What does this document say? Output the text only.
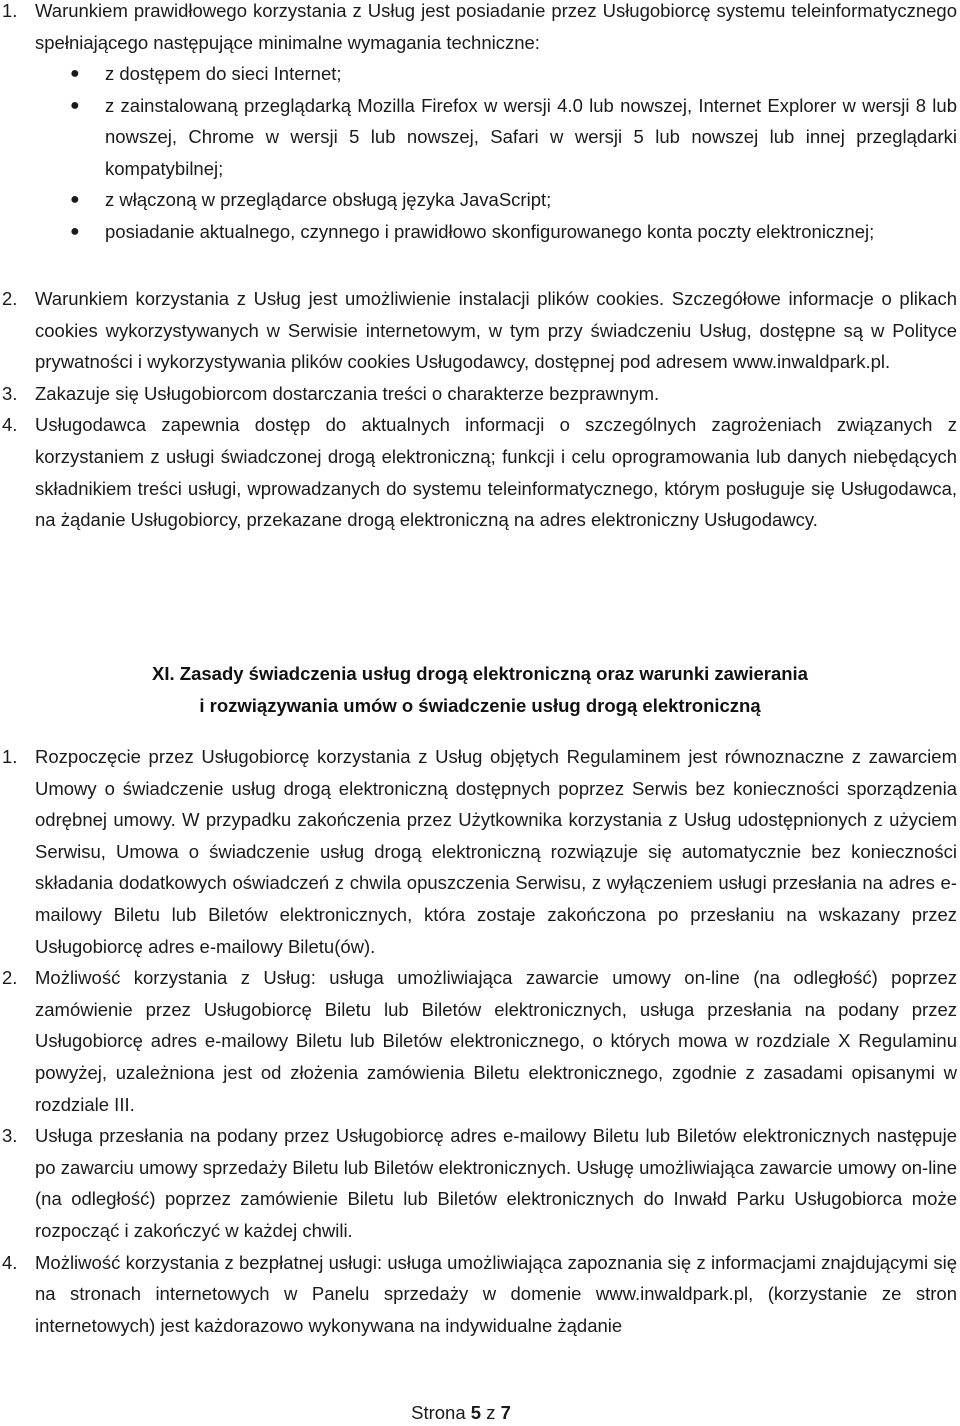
1. Warunkiem prawidłowego korzystania z Usług jest posiadanie przez Usługobiorcę systemu teleinformatycznego spełniającego następujące minimalne wymagania techniczne:
● z dostępem do sieci Internet;
● z zainstalowaną przeglądarką Mozilla Firefox w wersji 4.0 lub nowszej, Internet Explorer w wersji 8 lub nowszej, Chrome w wersji 5 lub nowszej, Safari w wersji 5 lub nowszej lub innej przeglądarki kompatybilnej;
● z włączoną w przeglądarce obsługą języka JavaScript;
● posiadanie aktualnego, czynnego i prawidłowo skonfigurowanego konta poczty elektronicznej;
2. Warunkiem korzystania z Usług jest umożliwienie instalacji plików cookies. Szczegółowe informacje o plikach cookies wykorzystywanych w Serwisie internetowym, w tym przy świadczeniu Usług, dostępne są w Polityce prywatności i wykorzystywania plików cookies Usługodawcy, dostępnej pod adresem www.inwaldpark.pl.
3. Zakazuje się Usługobiorcom dostarczania treści o charakterze bezprawnym.
4. Usługodawca zapewnia dostęp do aktualnych informacji o szczególnych zagrożeniach związanych z korzystaniem z usługi świadczonej drogą elektroniczną; funkcji i celu oprogramowania lub danych niebędących składnikiem treści usługi, wprowadzanych do systemu teleinformatycznego, którym posługuje się Usługodawca, na żądanie Usługobiorcy, przekazane drogą elektroniczną na adres elektroniczny Usługodawcy.
XI. Zasady świadczenia usług drogą elektroniczną oraz warunki zawierania
i rozwiązywania umów o świadczenie usług drogą elektroniczną
1. Rozpoczęcie przez Usługobiorcę korzystania z Usług objętych Regulaminem jest równoznaczne z zawarciem Umowy o świadczenie usług drogą elektroniczną dostępnych poprzez Serwis bez konieczności sporządzenia odrębnej umowy. W przypadku zakończenia przez Użytkownika korzystania z Usług udostępnionych z użyciem Serwisu, Umowa o świadczenie usług drogą elektroniczną rozwiązuje się automatycznie bez konieczności składania dodatkowych oświadczeń z chwila opuszczenia Serwisu, z wyłączeniem usługi przesłania na adres e-mailowy Biletu lub Biletów elektronicznych, która zostaje zakończona po przesłaniu na wskazany przez Usługobiorcę adres e-mailowy Biletu(ów).
2. Możliwość korzystania z Usług: usługa umożliwiająca zawarcie umowy on-line (na odległość) poprzez zamówienie przez Usługobiorcę Biletu lub Biletów elektronicznych, usługa przesłania na podany przez Usługobiorcę adres e-mailowy Biletu lub Biletów elektronicznego, o których mowa w rozdziale X Regulaminu powyżej, uzależniona jest od złożenia zamówienia Biletu elektronicznego, zgodnie z zasadami opisanymi w rozdziale III.
3. Usługa przesłania na podany przez Usługobiorcę adres e-mailowy Biletu lub Biletów elektronicznych następuje po zawarciu umowy sprzedaży Biletu lub Biletów elektronicznych. Usługę umożliwiająca zawarcie umowy on-line (na odległość) poprzez zamówienie Biletu lub Biletów elektronicznych do Inwałd Parku Usługobiorca może rozpocząć i zakończyć w każdej chwili.
4. Możliwość korzystania z bezpłatnej usługi: usługa umożliwiająca zapoznania się z informacjami znajdującymi się na stronach internetowych w Panelu sprzedaży w domenie www.inwaldpark.pl, (korzystanie ze stron internetowych) jest każdorazowo wykonywana na indywidualne żądanie
Strona 5 z 7
